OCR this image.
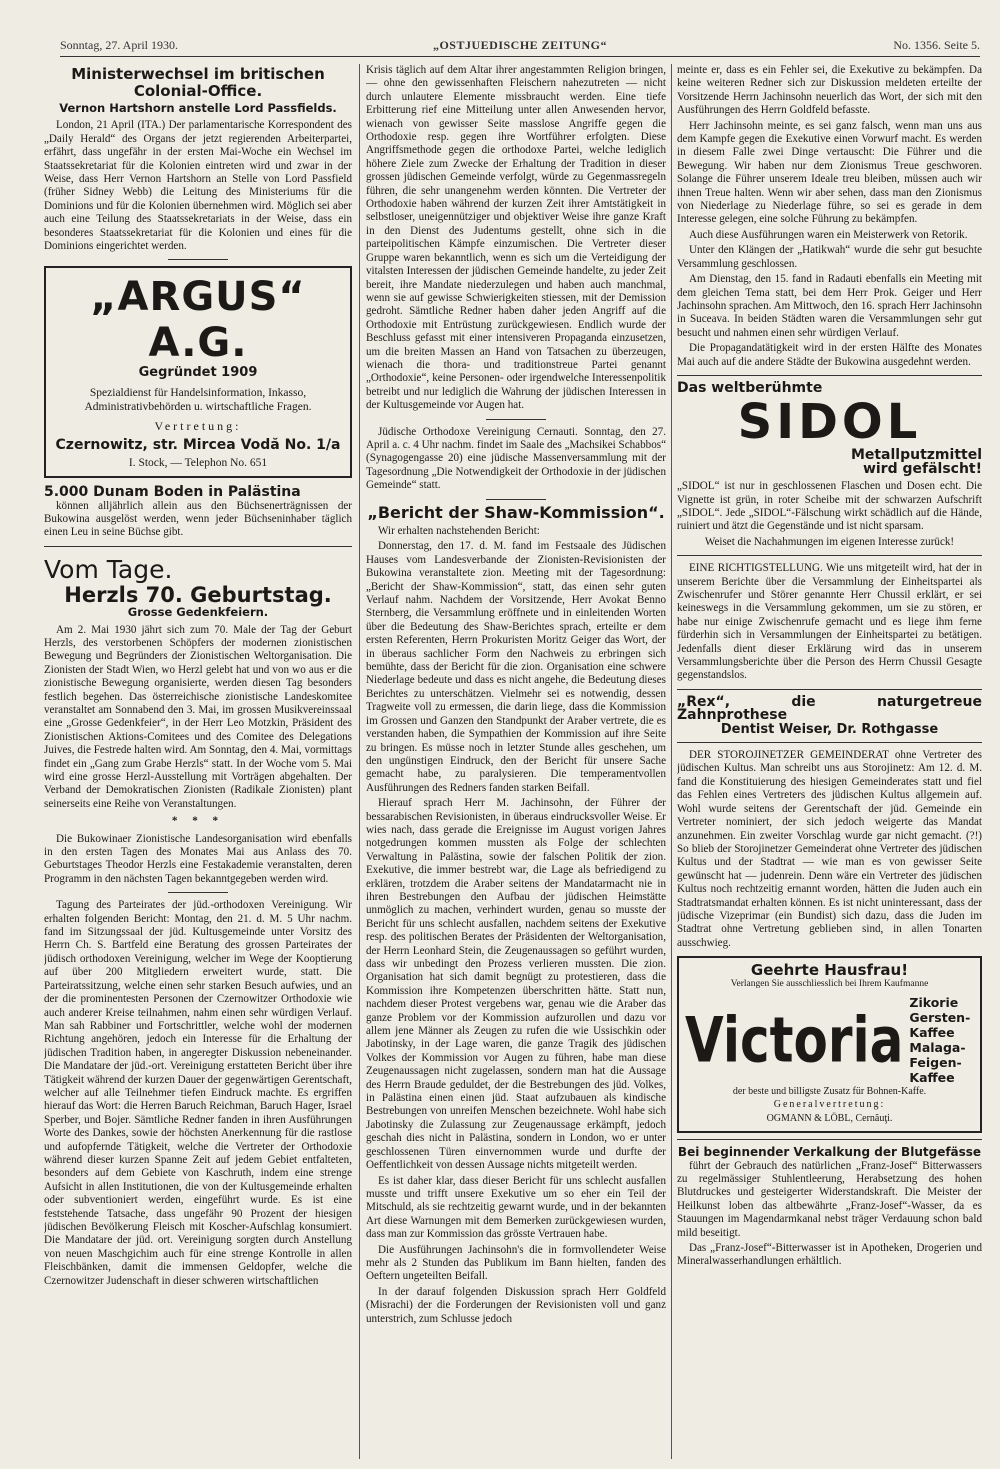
Sonntag, 27. April 1930.	„OSTJUEDISCHE ZEITUNG“	No. 1356. Seite 5.
Ministerwechsel im britischen Colonial-Office.
Vernon Hartshorn anstelle Lord Passfields.

London, 21 April (ITA.) Der parlamentarische Korrespondent des „Daily Herald“ des Organs der jetzt regierenden Arbeiterpartei, erfährt, dass ungefähr in der ersten Mai-Woche ein Wechsel im Staatssekretariat für die Kolonien eintreten wird und zwar in der Weise, dass Herr Vernon Hartshorn an Stelle von Lord Passfield (früher Sidney Webb) die Leitung des Ministeriums für die Dominions und für die Kolonien übernehmen wird. Möglich sei aber auch eine Teilung des Staatssekretariats in der Weise, dass ein besonderes Staatssekretariat für die Kolonien und eines für die Dominions eingerichtet werden.

„ARGUS“ A.G.
Gegründet 1909
Spezialdienst für Handelsinformation, Inkasso, Administrativbehörden u. wirtschaftliche Fragen.
Vertretung:
Czernowitz, str. Mircea Vodă No. 1/a
I. Stock, — Telephon No. 651
5.000 Dunam Boden in Palästina

können alljährlich allein aus den Büchsenerträgnissen der Bukowina ausgelöst werden, wenn jeder Büchseninhaber täglich einen Leu in seine Büchse gibt.

Vom Tage.
Herzls 70. Geburtstag.
Grosse Gedenkfeiern.

Am 2. Mai 1930 jährt sich zum 70. Male der Tag der Geburt Herzls, des verstorbenen Schöpfers der modernen zionistischen Bewegung und Begründers der Zionistischen Weltorganisation. Die Zionisten der Stadt Wien, wo Herzl gelebt hat und von wo aus er die zionistische Bewegung organisierte, werden diesen Tag besonders festlich begehen. Das österreichische zionistische Landeskomitee veranstaltet am Sonnabend den 3. Mai, im grossen Musikvereinssaal eine „Grosse Gedenkfeier“, in der Herr Leo Motzkin, Präsident des Zionistischen Aktions-Comitees und des Comitee des Delegations Juives, die Festrede halten wird. Am Sonntag, den 4. Mai, vormittags findet ein „Gang zum Grabe Herzls“ statt. In der Woche vom 5. Mai wird eine grosse Herzl-Ausstellung mit Vorträgen abgehalten. Der Verband der Demokratischen Zionisten (Radikale Zionisten) plant seinerseits eine Reihe von Veranstaltungen.

* * *

Die Bukowinaer Zionistische Landesorganisation wird ebenfalls in den ersten Tagen des Monates Mai aus Anlass des 70. Geburtstages Theodor Herzls eine Festakademie veranstalten, deren Programm in den nächsten Tagen bekanntgegeben werden wird.

Tagung des Parteirates der jüd.-orthodoxen Vereinigung. Wir erhalten folgenden Bericht: Montag, den 21. d. M. 5 Uhr nachm. fand im Sitzungssaal der jüd. Kultusgemeinde unter Vorsitz des Herrn Ch. S. Bartfeld eine Beratung des grossen Parteirates der jüdisch orthodoxen Vereinigung, welcher im Wege der Kooptierung auf über 200 Mitgliedern erweitert wurde, statt. Die Parteiratssitzung, welche einen sehr starken Besuch aufwies, und an der die prominentesten Personen der Czernowitzer Orthodoxie wie auch anderer Kreise teilnahmen, nahm einen sehr würdigen Verlauf. Man sah Rabbiner und Fortschrittler, welche wohl der modernen Richtung angehören, jedoch ein Interesse für die Erhaltung der jüdischen Tradition haben, in angeregter Diskussion nebeneinander. Die Mandatare der jüd.-ort. Vereinigung erstatteten Bericht über ihre Tätigkeit während der kurzen Dauer der gegenwärtigen Gerentschaft, welcher auf alle Teilnehmer tiefen Eindruck machte. Es ergriffen hierauf das Wort: die Herren Baruch Reichman, Baruch Hager, Israel Sperber, und Bojer. Sämtliche Redner fanden in ihren Ausführungen Worte des Dankes, sowie der höchsten Anerkennung für die rastlose und aufopfernde Tätigkeit, welche die Vertreter der Orthodoxie während dieser kurzen Spanne Zeit auf jedem Gebiet entfalteten, besonders auf dem Gebiete von Kaschruth, indem eine strenge Aufsicht in allen Institutionen, die von der Kultusgemeinde erhalten oder subventioniert werden, eingeführt wurde. Es ist eine feststehende Tatsache, dass ungefähr 90 Prozent der hiesigen jüdischen Bevölkerung Fleisch mit Koscher-Aufschlag konsumiert. Die Mandatare der jüd. ort. Vereinigung sorgten durch Anstellung von neuen Maschgichim auch für eine strenge Kontrolle in allen Fleischbänken, damit die immensen Geldopfer, welche die Czernowitzer Judenschaft in dieser schweren wirtschaftlichen

Krisis täglich auf dem Altar ihrer angestammten Religion bringen, — ohne den gewissenhaften Fleischern nahezutreten — nicht durch unlautere Elemente missbraucht werden. Eine tiefe Erbitterung rief eine Mitteilung unter allen Anwesenden hervor, wienach von gewisser Seite masslose Angriffe gegen die Orthodoxie resp. gegen ihre Wortführer erfolgten. Diese Angriffsmethode gegen die orthodoxe Partei, welche lediglich höhere Ziele zum Zwecke der Erhaltung der Tradition in dieser grossen jüdischen Gemeinde verfolgt, würde zu Gegenmassregeln führen, die sehr unangenehm werden könnten. Die Vertreter der Orthodoxie haben während der kurzen Zeit ihrer Amtstätigkeit in selbstloser, uneigennütziger und objektiver Weise ihre ganze Kraft in den Dienst des Judentums gestellt, ohne sich in die parteipolitischen Kämpfe einzumischen. Die Vertreter dieser Gruppe waren bekanntlich, wenn es sich um die Verteidigung der vitalsten Interessen der jüdischen Gemeinde handelte, zu jeder Zeit bereit, ihre Mandate niederzulegen und haben auch manchmal, wenn sie auf gewisse Schwierigkeiten stiessen, mit der Demission gedroht. Sämtliche Redner haben daher jeden Angriff auf die Orthodoxie mit Entrüstung zurückgewiesen. Endlich wurde der Beschluss gefasst mit einer intensiveren Propaganda einzusetzen, um die breiten Massen an Hand von Tatsachen zu überzeugen, wienach die thora- und traditionstreue Partei genannt „Orthodoxie“, keine Personen- oder irgendwelche Interessenpolitik betreibt und nur lediglich die Wahrung der jüdischen Interessen in der Kultusgemeinde vor Augen hat.

Jüdische Orthodoxe Vereinigung Cernauti. Sonntag, den 27. April a. c. 4 Uhr nachm. findet im Saale des „Machsikei Schabbos“ (Synagogengasse 20) eine jüdische Massenversammlung mit der Tagesordnung „Die Notwendigkeit der Orthodoxie in der jüdischen Gemeinde“ statt.

„Bericht der Shaw-Kommission“.

Wir erhalten nachstehenden Bericht:

Donnerstag, den 17. d. M. fand im Festsaale des Jüdischen Hauses vom Landesverbande der Zionisten-Revisionisten der Bukowina veranstaltete zion. Meeting mit der Tagesordnung: „Bericht der Shaw-Kommission“, statt, das einen sehr guten Verlauf nahm. Nachdem der Vorsitzende, Herr Avokat Benno Sternberg, die Versammlung eröffnete und in einleitenden Worten über die Bedeutung des Shaw-Berichtes sprach, erteilte er dem ersten Referenten, Herrn Prokuristen Moritz Geiger das Wort, der in überaus sachlicher Form den Nachweis zu erbringen sich bemühte, dass der Bericht für die zion. Organisation eine schwere Niederlage bedeute und dass es nicht angehe, die Bedeutung dieses Berichtes zu unterschätzen. Vielmehr sei es notwendig, dessen Tragweite voll zu ermessen, die darin liege, dass die Kommission im Grossen und Ganzen den Standpunkt der Araber vertrete, die es verstanden haben, die Sympathien der Kommission auf ihre Seite zu bringen. Es müsse noch in letzter Stunde alles geschehen, um den ungünstigen Eindruck, den der Bericht für unsere Sache gemacht habe, zu paralysieren. Die temperamentvollen Ausführungen des Redners fanden starken Beifall.

Hierauf sprach Herr M. Jachinsohn, der Führer der bessarabischen Revisionisten, in überaus eindrucksvoller Weise. Er wies nach, dass gerade die Ereignisse im August vorigen Jahres notgedrungen kommen mussten als Folge der schlechten Verwaltung in Palästina, sowie der falschen Politik der zion. Exekutive, die immer bestrebt war, die Lage als befriedigend zu erklären, trotzdem die Araber seitens der Mandatarmacht nie in ihren Bestrebungen den Aufbau der jüdischen Heimstätte unmöglich zu machen, verhindert wurden, genau so musste der Bericht für uns schlecht ausfallen, nachdem seitens der Exekutive resp. des politischen Berates der Präsidenten der Weltorganisation, der Herrn Leonhard Stein, die Zeugenaussagen so geführt wurden, dass wir unbedingt den Prozess verlieren mussten. Die zion. Organisation hat sich damit begnügt zu protestieren, dass die Kommission ihre Kompetenzen überschritten hätte. Statt nun, nachdem dieser Protest vergebens war, genau wie die Araber das ganze Problem vor der Kommission aufzurollen und dazu vor allem jene Männer als Zeugen zu rufen die wie Ussischkin oder Jabotinsky, in der Lage waren, die ganze Tragik des jüdischen Volkes der Kommission vor Augen zu führen, habe man diese Zeugenaussagen nicht zugelassen, sondern man hat die Aussage des Herrn Braude geduldet, der die Bestrebungen des jüd. Volkes, in Palästina einen einen jüd. Staat aufzubauen als kindische Bestrebungen von unreifen Menschen bezeichnete. Wohl habe sich Jabotinsky die Zulassung zur Zeugenaussage erkämpft, jedoch geschah dies nicht in Palästina, sondern in London, wo er unter geschlossenen Türen einvernommen wurde und durfte der Oeffentlichkeit von dessen Aussage nichts mitgeteilt werden.

Es ist daher klar, dass dieser Bericht für uns schlecht ausfallen musste und trifft unsere Exekutive um so eher ein Teil der Mitschuld, als sie rechtzeitig gewarnt wurde, und in der bekannten Art diese Warnungen mit dem Bemerken zurückgewiesen wurden, dass man zur Kommission das grösste Vertrauen habe.

Die Ausführungen Jachinsohn's die in formvollendeter Weise mehr als 2 Stunden das Publikum im Bann hielten, fanden des Oeftern ungeteilten Beifall.

In der darauf folgenden Diskussion sprach Herr Goldfeld (Misrachi) der die Forderungen der Revisionisten voll und ganz unterstrich, zum Schlusse jedoch

meinte er, dass es ein Fehler sei, die Exekutive zu bekämpfen. Da keine weiteren Redner sich zur Diskussion meldeten erteilte der Vorsitzende Herrn Jachinsohn neuerlich das Wort, der sich mit den Ausführungen des Herrn Goldfeld befasste.

Herr Jachinsohn meinte, es sei ganz falsch, wenn man uns aus dem Kampfe gegen die Exekutive einen Vorwurf macht. Es werden in diesem Falle zwei Dinge vertauscht: Die Führer und die Bewegung. Wir haben nur dem Zionismus Treue geschworen. Solange die Führer unserem Ideale treu bleiben, müssen auch wir ihnen Treue halten. Wenn wir aber sehen, dass man den Zionismus von Niederlage zu Niederlage führe, so sei es gerade in dem Interesse gelegen, eine solche Führung zu bekämpfen.

Auch diese Ausführungen waren ein Meisterwerk von Retorik.

Unter den Klängen der „Hatikwah“ wurde die sehr gut besuchte Versammlung geschlossen.

Am Dienstag, den 15. fand in Radauti ebenfalls ein Meeting mit dem gleichen Tema statt, bei dem Herr Prok. Geiger und Herr Jachinsohn sprachen. Am Mittwoch, den 16. sprach Herr Jachinsohn in Suceava. In beiden Städten waren die Versammlungen sehr gut besucht und nahmen einen sehr würdigen Verlauf.

Die Propagandatätigkeit wird in der ersten Hälfte des Monates Mai auch auf die andere Städte der Bukowina ausgedehnt werden.

Das weltberühmte
SIDOL
Metallputzmittel
wird gefälscht!

„SIDOL“ ist nur in geschlossenen Flaschen und Dosen echt. Die Vignette ist grün, in roter Scheibe mit der schwarzen Aufschrift „SIDOL“. Jede „SIDOL“-Fälschung wirkt schädlich auf die Hände, ruiniert und ätzt die Gegenstände und ist nicht sparsam.

Weiset die Nachahmungen im eigenen Interesse zurück!

EINE RICHTIGSTELLUNG. Wie uns mitgeteilt wird, hat der in unserem Berichte über die Versammlung der Einheitspartei als Zwischenrufer und Störer genannte Herr Chussil erklärt, er sei keineswegs in die Versammlung gekommen, um sie zu stören, er habe nur einige Zwischenrufe gemacht und es liege ihm ferne fürderhin sich in Versammlungen der Einheitspartei zu betätigen. Jedenfalls dient dieser Erklärung wird das in unserem Versammlungsberichte über die Person des Herrn Chussil Gesagte gegenstandslos.

„Rex“, die naturgetreue Zahnprothese
Dentist Weiser, Dr. Rothgasse

DER STOROJINETZER GEMEINDERAT ohne Vertreter des jüdischen Kultus. Man schreibt uns aus Storojinetz: Am 12. d. M. fand die Konstituierung des hiesigen Gemeinderates statt und fiel das Fehlen eines Vertreters des jüdischen Kultus allgemein auf. Wohl wurde seitens der Gerentschaft der jüd. Gemeinde ein Vertreter nominiert, der sich jedoch weigerte das Mandat anzunehmen. Ein zweiter Vorschlag wurde gar nicht gemacht. (?!) So blieb der Storojinetzer Gemeinderat ohne Vertreter des jüdischen Kultus und der Stadtrat — wie man es von gewisser Seite gewünscht hat — judenrein. Denn wäre ein Vertreter des jüdischen Kultus noch rechtzeitig ernannt worden, hätten die Juden auch ein Stadtratsmandat erhalten können. Es ist nicht uninteressant, dass der jüdische Vizeprimar (ein Bundist) sich dazu, dass die Juden im Stadtrat ohne Vertretung geblieben sind, in allen Tonarten ausschwieg.

Geehrte Hausfrau!
Verlangen Sie ausschliesslich bei Ihrem Kaufmanne
Victoria
Zikorie
Gersten-Kaffee
Malaga-Feigen-Kaffee
der beste und billigste Zusatz für Bohnen-Kaffe.
Generalvertretung:
OGMANN & LÖBL, Cernăuţi.
Bei beginnender Verkalkung der Blutgefässe

führt der Gebrauch des natürlichen „Franz-Josef“ Bitterwassers zu regelmässiger Stuhlentleerung, Herabsetzung des hohen Blutdruckes und gesteigerter Widerstandskraft. Die Meister der Heilkunst loben das altbewährte „Franz-Josef“-Wasser, da es Stauungen im Magendarmkanal nebst träger Verdauung schon bald mild beseitigt.

Das „Franz-Josef“-Bitterwasser ist in Apotheken, Drogerien und Mineralwasserhandlungen erhältlich.
